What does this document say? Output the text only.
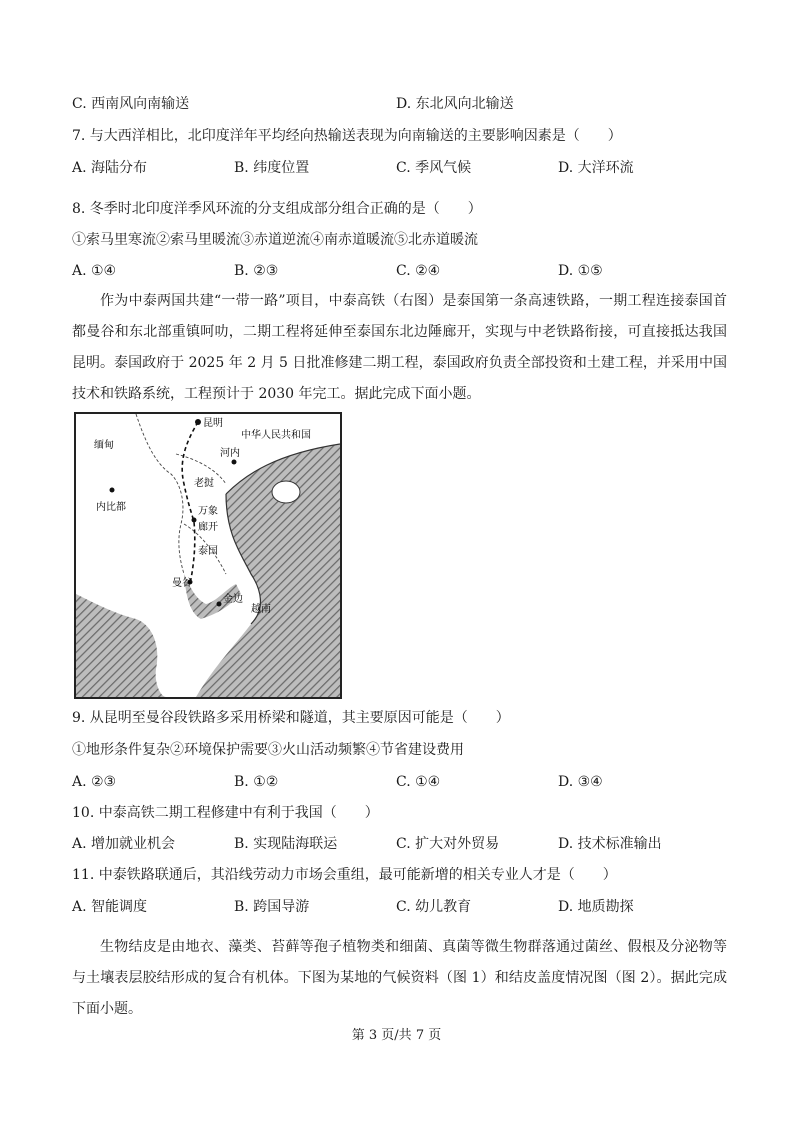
C. 西南风向南输送	D. 东北风向北输送
7. 与大西洋相比，北印度洋年平均经向热输送表现为向南输送的主要影响因素是（　　）
A. 海陆分布	B. 纬度位置	C. 季风气候	D. 大洋环流
8. 冬季时北印度洋季风环流的分支组成部分组合正确的是（　　）
①索马里寒流②索马里暖流③赤道逆流④南赤道暖流⑤北赤道暖流
A. ①④	B. ②③	C. ②④	D. ①⑤
作为中泰两国共建“一带一路”项目，中泰高铁（右图）是泰国第一条高速铁路，一期工程连接泰国首都曼谷和东北部重镇呵叻，二期工程将延伸至泰国东北边陲廊开，实现与中老铁路衔接，可直接抵达我国昆明。泰国政府于 2025 年 2 月 5 日批准修建二期工程，泰国政府负责全部投资和土建工程，并采用中国技术和铁路系统，工程预计于 2030 年完工。据此完成下面小题。
昆明
中华人民共和国
缅甸
河内
老挝
万象
内比都
廊开
泰国
曼谷
金边
越南
9. 从昆明至曼谷段铁路多采用桥梁和隧道，其主要原因可能是（　　）
①地形条件复杂②环境保护需要③火山活动频繁④节省建设费用
A. ②③	B. ①②	C. ①④	D. ③④
10. 中泰高铁二期工程修建中有利于我国（　　）
A. 增加就业机会	B. 实现陆海联运	C. 扩大对外贸易	D. 技术标准输出
11. 中泰铁路联通后，其沿线劳动力市场会重组，最可能新增的相关专业人才是（　　）
A. 智能调度	B. 跨国导游	C. 幼儿教育	D. 地质勘探
生物结皮是由地衣、藻类、苔藓等孢子植物类和细菌、真菌等微生物群落通过菌丝、假根及分泌物等与土壤表层胶结形成的复合有机体。下图为某地的气候资料（图 1）和结皮盖度情况图（图 2）。据此完成下面小题。
第 3 页/共 7 页
